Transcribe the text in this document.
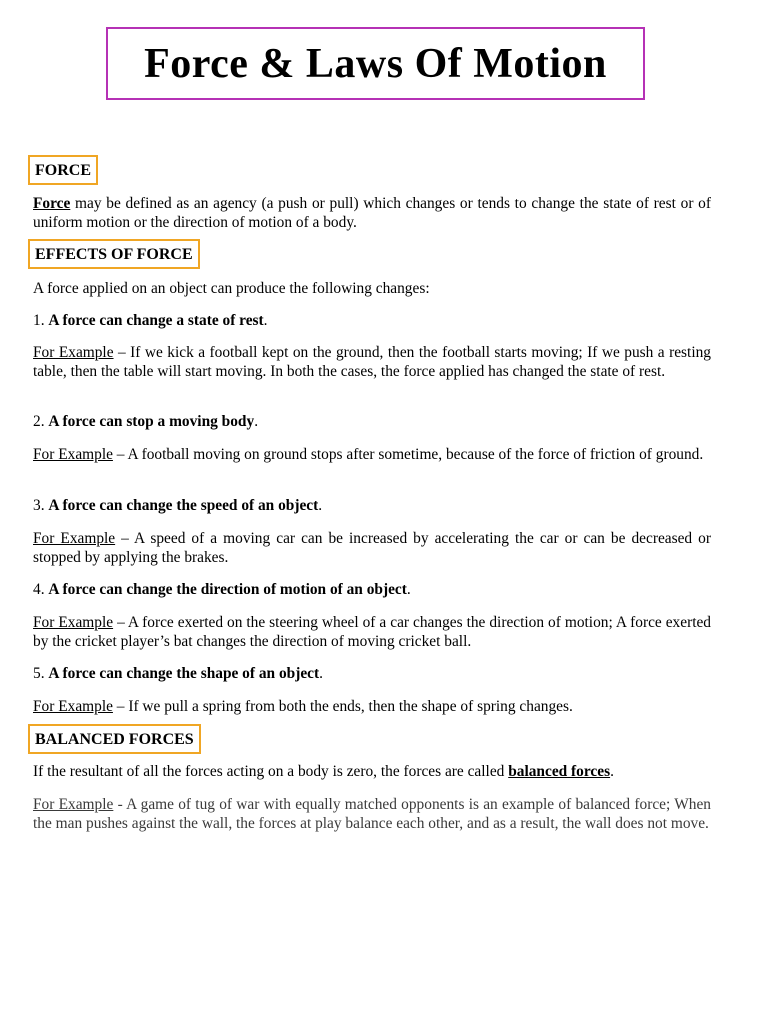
Force & Laws Of Motion
FORCE
Force may be defined as an agency (a push or pull) which changes or tends to change the state of rest or of uniform motion or the direction of motion of a body.
EFFECTS OF FORCE
A force applied on an object can produce the following changes:
1. A force can change a state of rest.
For Example – If we kick a football kept on the ground, then the football starts moving; If we push a resting table, then the table will start moving. In both the cases, the force applied has changed the state of rest.
2. A force can stop a moving body.
For Example – A football moving on ground stops after sometime, because of the force of friction of ground.
3. A force can change the speed of an object.
For Example – A speed of a moving car can be increased by accelerating the car or can be decreased or stopped by applying the brakes.
4. A force can change the direction of motion of an object.
For Example – A force exerted on the steering wheel of a car changes the direction of motion; A force exerted by the cricket player’s bat changes the direction of moving cricket ball.
5. A force can change the shape of an object.
For Example – If we pull a spring from both the ends, then the shape of spring changes.
BALANCED FORCES
If the resultant of all the forces acting on a body is zero, the forces are called balanced forces.
For Example - A game of tug of war with equally matched opponents is an example of balanced force; When the man pushes against the wall, the forces at play balance each other, and as a result, the wall does not move.
